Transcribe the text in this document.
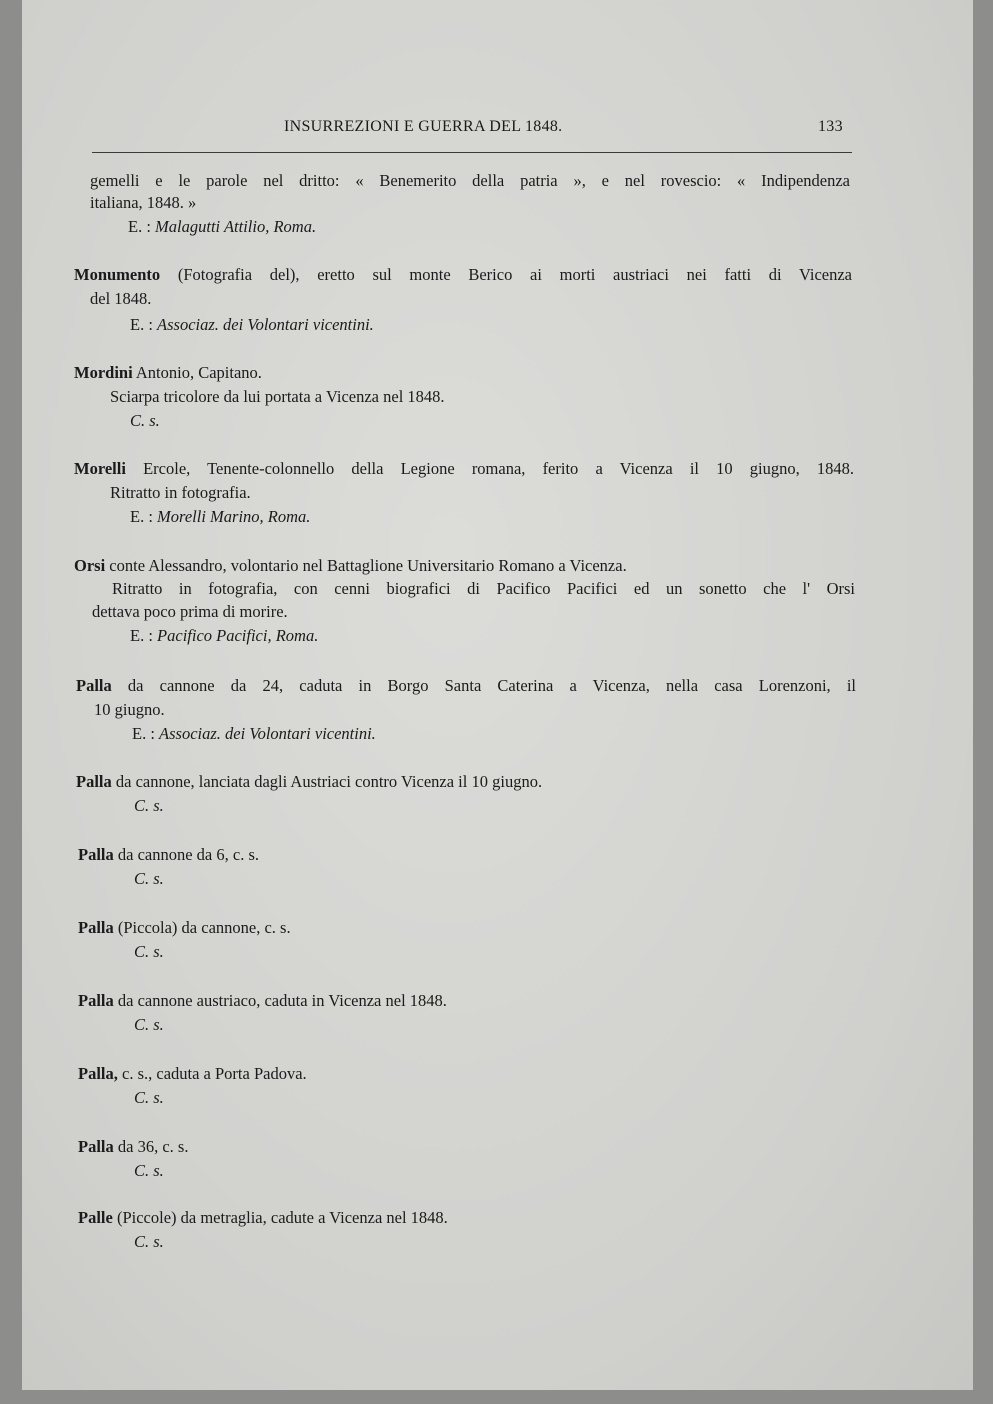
INSURREZIONI E GUERRA DEL 1848.	133
gemelli e le parole nel dritto: « Benemerito della patria », e nel rovescio: « Indipendenza
italiana, 1848. »
E. : Malagutti Attilio, Roma.
Monumento (Fotografia del), eretto sul monte Berico ai morti austriaci nei fatti di Vicenza
del 1848.
E. : Associaz. dei Volontari vicentini.
Mordini Antonio, Capitano.
Sciarpa tricolore da lui portata a Vicenza nel 1848.
C. s.
Morelli Ercole, Tenente-colonnello della Legione romana, ferito a Vicenza il 10 giugno, 1848.
Ritratto in fotografia.
E. : Morelli Marino, Roma.
Orsi conte Alessandro, volontario nel Battaglione Universitario Romano a Vicenza.
Ritratto in fotografia, con cenni biografici di Pacifico Pacifici ed un sonetto che l' Orsi
dettava poco prima di morire.
E. : Pacifico Pacifici, Roma.
Palla da cannone da 24, caduta in Borgo Santa Caterina a Vicenza, nella casa Lorenzoni, il
10 giugno.
E. : Associaz. dei Volontari vicentini.
Palla da cannone, lanciata dagli Austriaci contro Vicenza il 10 giugno.
C. s.
Palla da cannone da 6, c. s.
C. s.
Palla (Piccola) da cannone, c. s.
C. s.
Palla da cannone austriaco, caduta in Vicenza nel 1848.
C. s.
Palla, c. s., caduta a Porta Padova.
C. s.
Palla da 36, c. s.
C. s.
Palle (Piccole) da metraglia, cadute a Vicenza nel 1848.
C. s.
